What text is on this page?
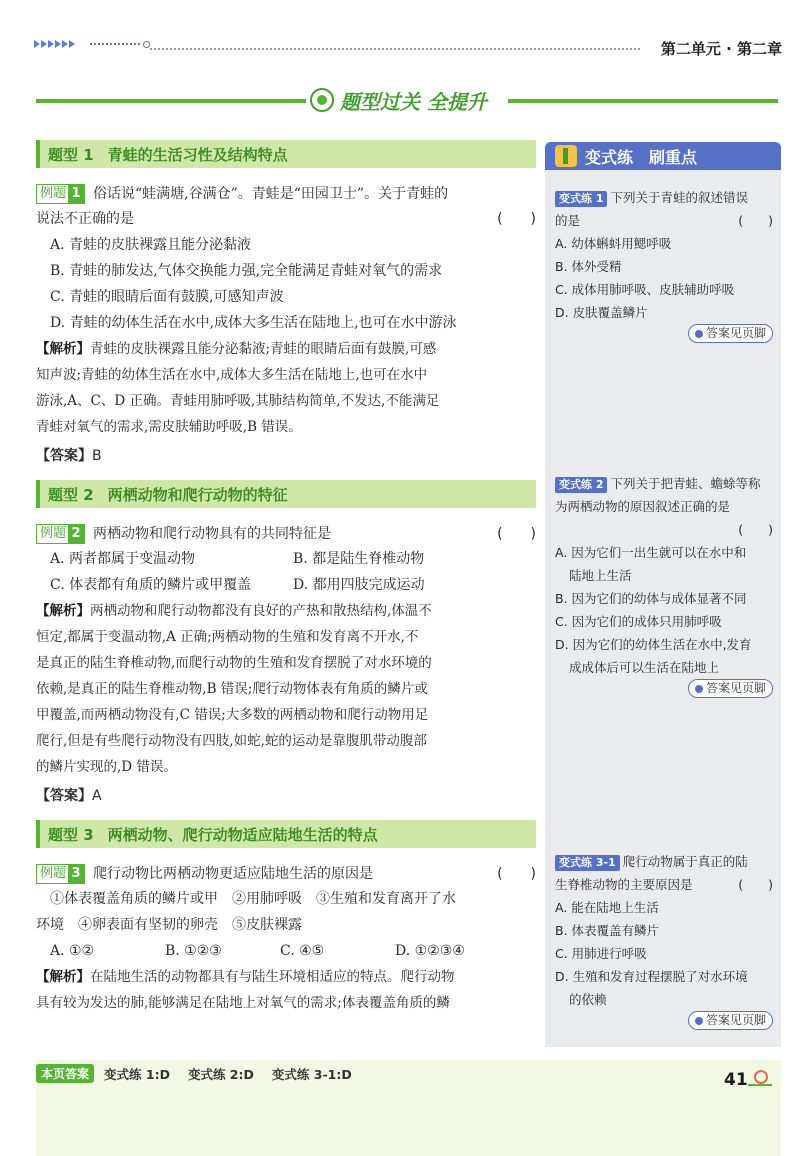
第二单元 · 第二章
题型过关 全提升
题型 1 青蛙的生活习性及结构特点
例题 1 俗话说“蛙满塘,谷满仓”。青蛙是“田园卫士”。关于青蛙的
说法不正确的是	(　　)
A. 青蛙的皮肤裸露且能分泌黏液
B. 青蛙的肺发达,气体交换能力强,完全能满足青蛙对氧气的需求
C. 青蛙的眼睛后面有鼓膜,可感知声波
D. 青蛙的幼体生活在水中,成体大多生活在陆地上,也可在水中游泳
【解析】青蛙的皮肤裸露且能分泌黏液;青蛙的眼睛后面有鼓膜,可感
知声波;青蛙的幼体生活在水中,成体大多生活在陆地上,也可在水中
游泳,A、C、D 正确。青蛙用肺呼吸,其肺结构简单,不发达,不能满足
青蛙对氧气的需求,需皮肤辅助呼吸,B 错误。
【答案】B
题型 2 两栖动物和爬行动物的特征
例题 2 两栖动物和爬行动物具有的共同特征是	(　　)
A. 两者都属于变温动物	B. 都是陆生脊椎动物
C. 体表都有角质的鳞片或甲覆盖	D. 都用四肢完成运动
【解析】两栖动物和爬行动物都没有良好的产热和散热结构,体温不
恒定,都属于变温动物,A 正确;两栖动物的生殖和发育离不开水,不
是真正的陆生脊椎动物,而爬行动物的生殖和发育摆脱了对水环境的
依赖,是真正的陆生脊椎动物,B 错误;爬行动物体表有角质的鳞片或
甲覆盖,而两栖动物没有,C 错误;大多数的两栖动物和爬行动物用足
爬行,但是有些爬行动物没有四肢,如蛇,蛇的运动是靠腹肌带动腹部
的鳞片实现的,D 错误。
【答案】A
题型 3 两栖动物、爬行动物适应陆地生活的特点
例题 3 爬行动物比两栖动物更适应陆地生活的原因是	(　　)
①体表覆盖角质的鳞片或甲　②用肺呼吸　③生殖和发育离开了水
环境　④卵表面有坚韧的卵壳　⑤皮肤裸露
A. ①②	B. ①②③	C. ④⑤	D. ①②③④
【解析】在陆地生活的动物都具有与陆生环境相适应的特点。爬行动物
具有较为发达的肺,能够满足在陆地上对氧气的需求;体表覆盖角质的鳞
变式练　刷重点
变式练 1 下列关于青蛙的叙述错误
的是	(　　)
A. 幼体蝌蚪用鳃呼吸
B. 体外受精
C. 成体用肺呼吸、皮肤辅助呼吸
D. 皮肤覆盖鳞片
答案见页脚
变式练 2 下列关于把青蛙、蟾蜍等称
为两栖动物的原因叙述正确的是
(　　)
A. 因为它们一出生就可以在水中和
陆地上生活
B. 因为它们的幼体与成体显著不同
C. 因为它们的成体只用肺呼吸
D. 因为它们的幼体生活在水中,发育
成成体后可以生活在陆地上
答案见页脚
变式练 3-1 爬行动物属于真正的陆
生脊椎动物的主要原因是	(　　)
A. 能在陆地上生活
B. 体表覆盖有鳞片
C. 用肺进行呼吸
D. 生殖和发育过程摆脱了对水环境
的依赖
答案见页脚
本页答案	变式练 1:D 变式练 2:D 变式练 3-1:D	41
